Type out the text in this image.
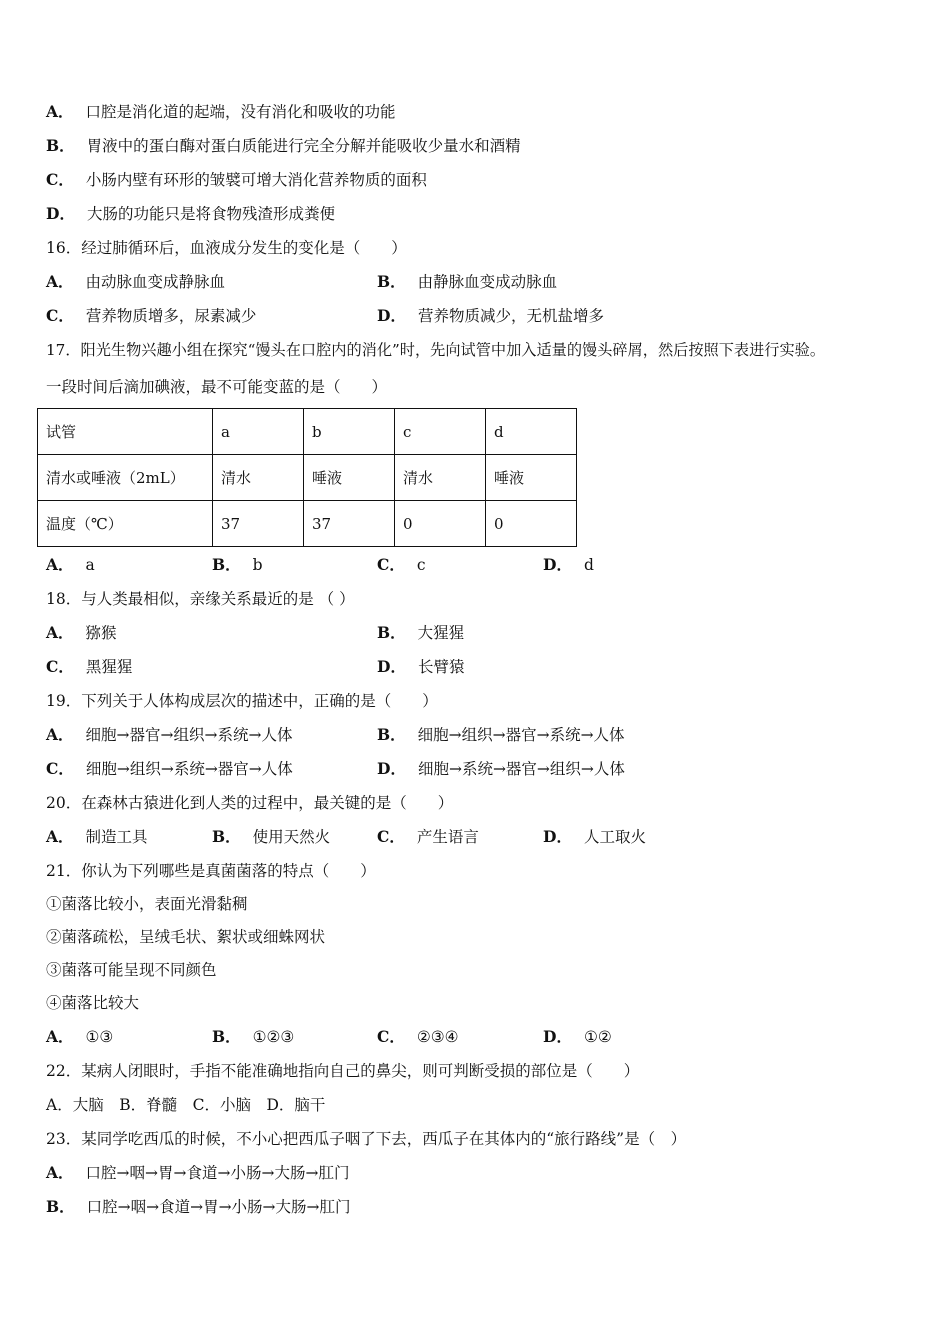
A． 口腔是消化道的起端，没有消化和吸收的功能
B． 胃液中的蛋白酶对蛋白质能进行完全分解并能吸收少量水和酒精
C． 小肠内壁有环形的皱襞可增大消化营养物质的面积
D． 大肠的功能只是将食物残渣形成粪便
16．经过肺循环后，血液成分发生的变化是（　　）
A． 由动脉血变成静脉血	B． 由静脉血变成动脉血
C． 营养物质增多，尿素减少	D． 营养物质减少，无机盐增多
17．阳光生物兴趣小组在探究“馒头在口腔内的消化”时，先向试管中加入适量的馒头碎屑，然后按照下表进行实验。
一段时间后滴加碘液，最不可能变蓝的是（　　）
试管	a	b	c	d
清水或唾液（2mL）	清水	唾液	清水	唾液
温度（℃）	37	37	0	0
A． a	B． b	C． c	D． d
18．与人类最相似，亲缘关系最近的是 （ ）
A． 猕猴	B． 大猩猩
C． 黑猩猩	D． 长臂猿
19．下列关于人体构成层次的描述中，正确的是（　　）
A． 细胞→器官→组织→系统→人体	B． 细胞→组织→器官→系统→人体
C． 细胞→组织→系统→器官→人体	D． 细胞→系统→器官→组织→人体
20．在森林古猿进化到人类的过程中，最关键的是（　　）
A． 制造工具	B． 使用天然火	C． 产生语言	D． 人工取火
21．你认为下列哪些是真菌菌落的特点（　　）
①菌落比较小，表面光滑黏稠
②菌落疏松，呈绒毛状、絮状或细蛛网状
③菌落可能呈现不同颜色
④菌落比较大
A． ①③	B． ①②③	C． ②③④	D． ①②
22．某病人闭眼时，手指不能准确地指向自己的鼻尖，则可判断受损的部位是（　　）
A．大脑　B．脊髓　C．小脑　D．脑干
23．某同学吃西瓜的时候，不小心把西瓜子咽了下去，西瓜子在其体内的“旅行路线”是（　）
A． 口腔→咽→胃→食道→小肠→大肠→肛门
B． 口腔→咽→食道→胃→小肠→大肠→肛门
